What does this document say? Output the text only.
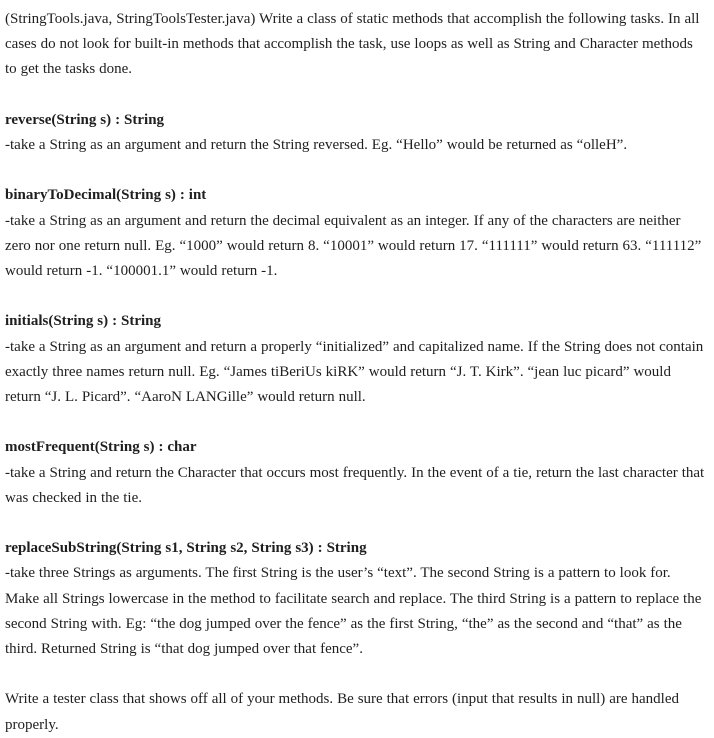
(StringTools.java, StringToolsTester.java) Write a class of static methods that accomplish the following tasks. In all cases do not look for built-in methods that accomplish the task, use loops as well as String and Character methods to get the tasks done.

reverse(String s) : String

-take a String as an argument and return the String reversed. Eg. “Hello” would be returned as “olleH”.

binaryToDecimal(String s) : int

-take a String as an argument and return the decimal equivalent as an integer. If any of the characters are neither zero nor one return null. Eg. “1000” would return 8. “10001” would return 17. “111111” would return 63. “111112” would return -1. “100001.1” would return -1.

initials(String s) : String

-take a String as an argument and return a properly “initialized” and capitalized name. If the String does not contain exactly three names return null. Eg. “James tiBeriUs kiRK” would return “J. T. Kirk”. “jean luc picard” would return “J. L. Picard”. “AaroN LANGille” would return null.

mostFrequent(String s) : char

-take a String and return the Character that occurs most frequently. In the event of a tie, return the last character that was checked in the tie.

replaceSubString(String s1, String s2, String s3) : String

-take three Strings as arguments. The first String is the user’s “text”. The second String is a pattern to look for. Make all Strings lowercase in the method to facilitate search and replace. The third String is a pattern to replace the second String with. Eg: “the dog jumped over the fence” as the first String, “the” as the second and “that” as the third. Returned String is “that dog jumped over that fence”.

Write a tester class that shows off all of your methods. Be sure that errors (input that results in null) are handled properly.
